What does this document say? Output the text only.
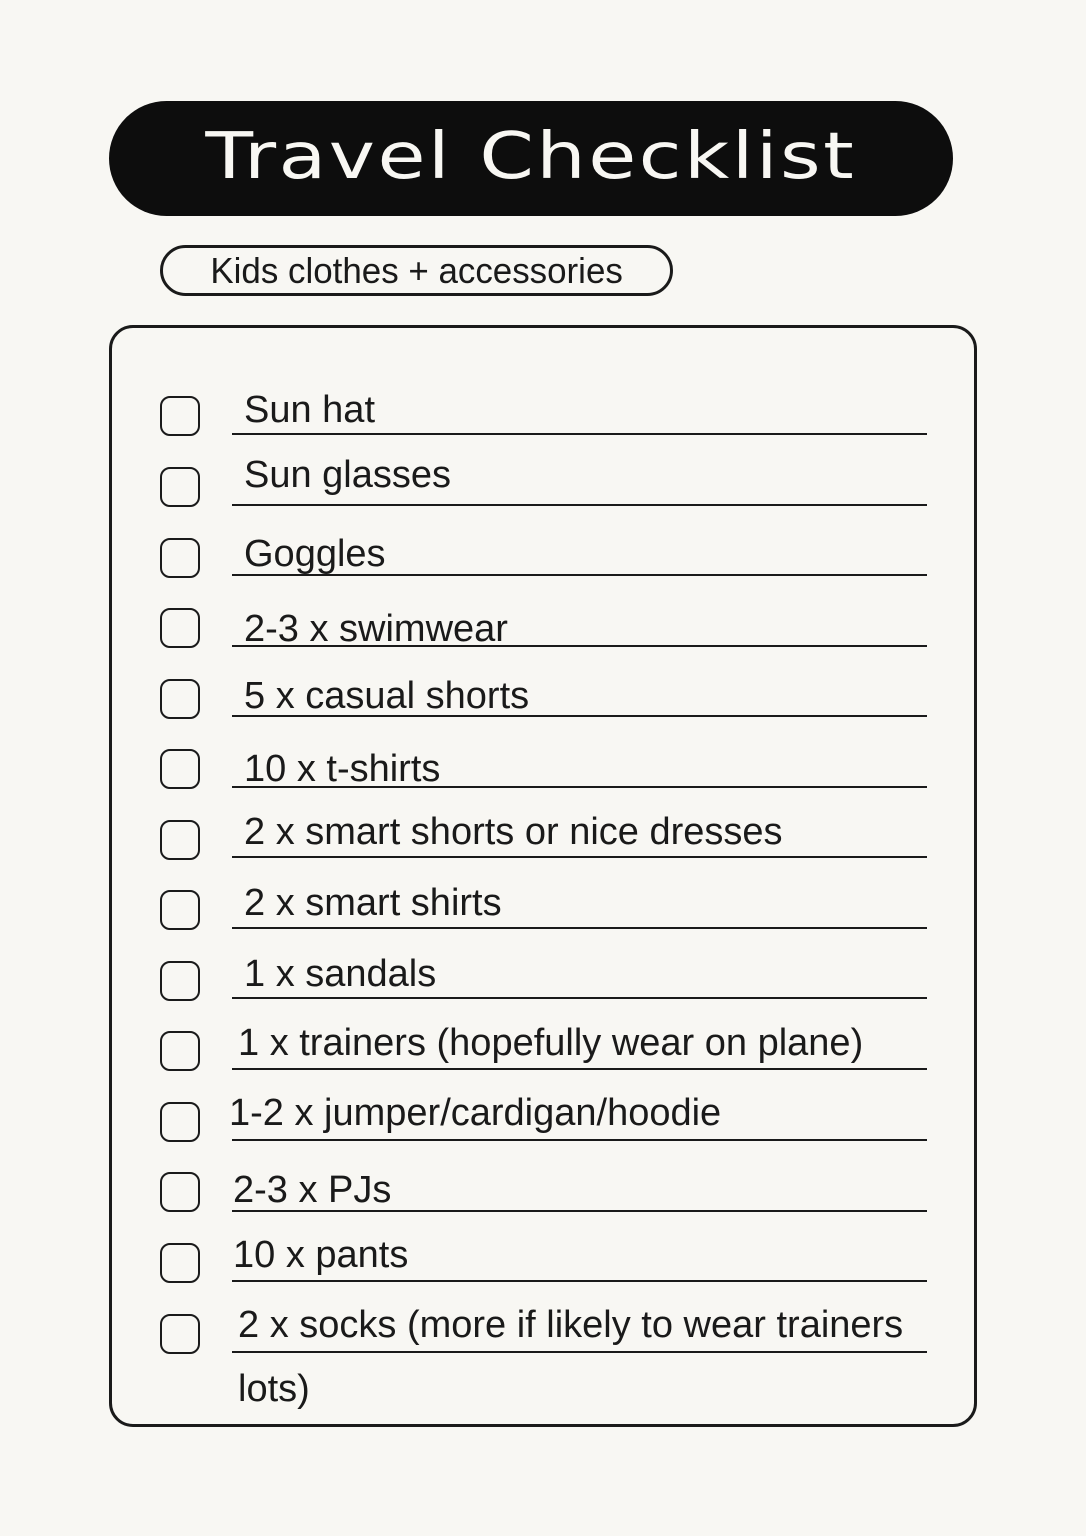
Travel Checklist
Kids clothes + accessories
Sun hat
Sun glasses
Goggles
2-3 x swimwear
5 x casual shorts
10 x t-shirts
2 x smart shorts or nice dresses
2 x smart shirts
1 x sandals
1 x trainers (hopefully wear on plane)
1-2 x jumper/cardigan/hoodie
2-3 x PJs
10 x pants
2 x socks (more if likely to wear trainers
lots)
